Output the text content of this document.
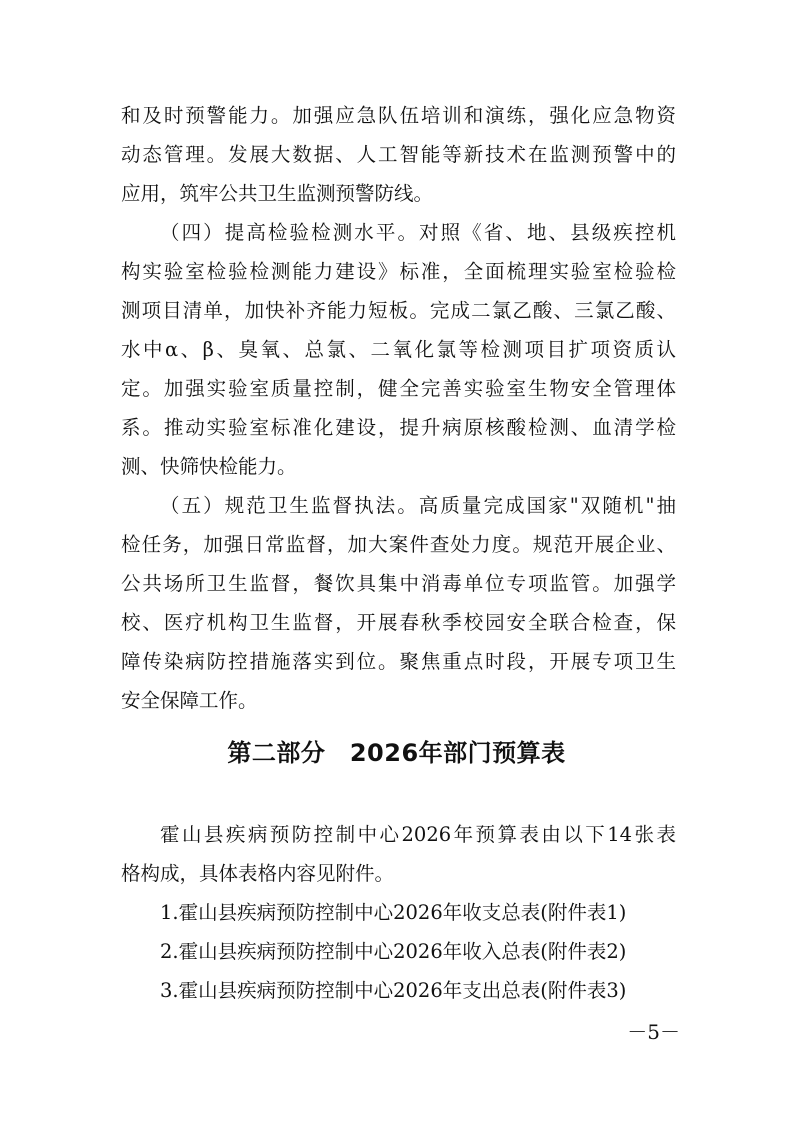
和及时预警能力。加强应急队伍培训和演练，强化应急物资
动态管理。发展大数据、人工智能等新技术在监测预警中的
应用，筑牢公共卫生监测预警防线。
（四）提高检验检测水平。对照《省、地、县级疾控机
构实验室检验检测能力建设》标准，全面梳理实验室检验检
测项目清单，加快补齐能力短板。完成二氯乙酸、三氯乙酸、
水中α、β、臭氧、总氯、二氧化氯等检测项目扩项资质认
定。加强实验室质量控制，健全完善实验室生物安全管理体
系。推动实验室标准化建设，提升病原核酸检测、血清学检
测、快筛快检能力。
（五）规范卫生监督执法。高质量完成国家"双随机"抽
检任务，加强日常监督，加大案件查处力度。规范开展企业、
公共场所卫生监督，餐饮具集中消毒单位专项监管。加强学
校、医疗机构卫生监督，开展春秋季校园安全联合检查，保
障传染病防控措施落实到位。聚焦重点时段，开展专项卫生
安全保障工作。
第二部分　2026年部门预算表
霍山县疾病预防控制中心2026年预算表由以下14张表
格构成，具体表格内容见附件。
1.霍山县疾病预防控制中心2026年收支总表(附件表1)
2.霍山县疾病预防控制中心2026年收入总表(附件表2)
3.霍山县疾病预防控制中心2026年支出总表(附件表3)
－5－
